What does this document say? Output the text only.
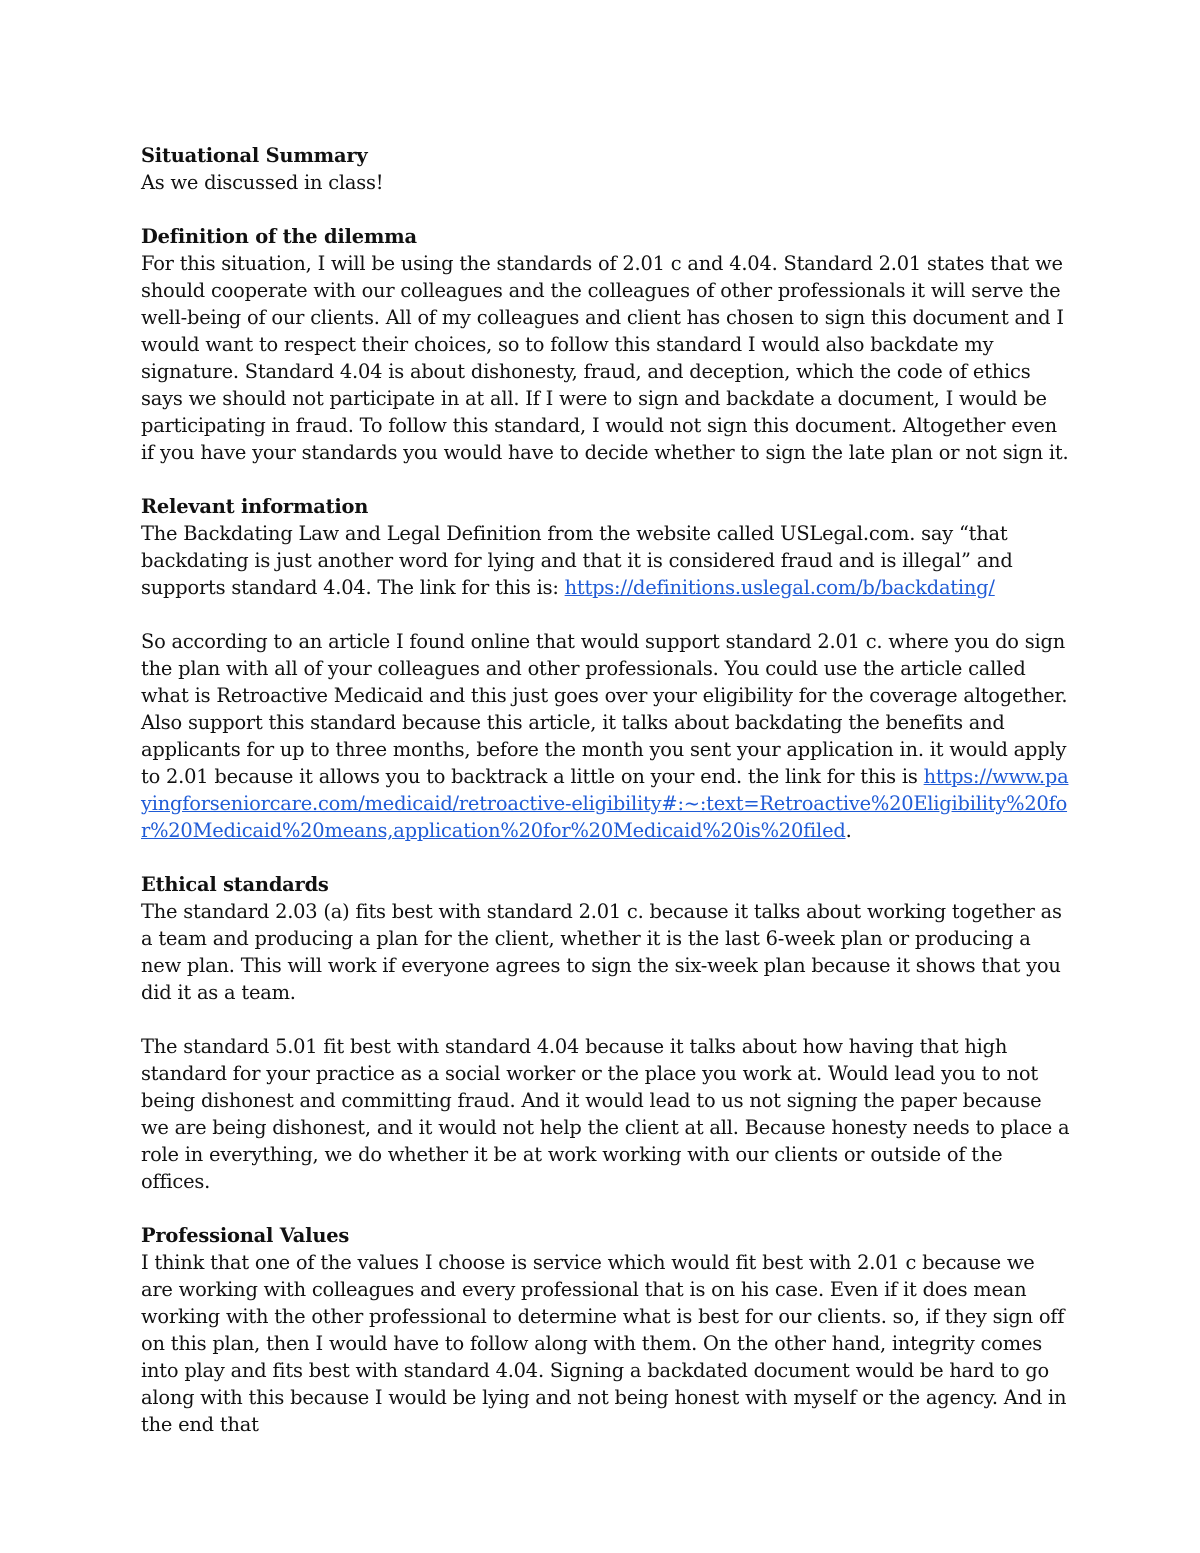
Situational Summary

As we discussed in class!

Definition of the dilemma

For this situation, I will be using the standards of 2.01 c and 4.04. Standard 2.01 states that we should cooperate with our colleagues and the colleagues of other professionals it will serve the well-being of our clients. All of my colleagues and client has chosen to sign this document and I would want to respect their choices, so to follow this standard I would also backdate my signature. Standard 4.04 is about dishonesty, fraud, and deception, which the code of ethics says we should not participate in at all. If I were to sign and backdate a document, I would be participating in fraud. To follow this standard, I would not sign this document. Altogether even if you have your standards you would have to decide whether to sign the late plan or not sign it.

Relevant information

The Backdating Law and Legal Definition from the website called USLegal.com. say “that backdating is just another word for lying and that it is considered fraud and is illegal” and supports standard 4.04. The link for this is: https://definitions.uslegal.com/b/backdating/

So according to an article I found online that would support standard 2.01 c. where you do sign the plan with all of your colleagues and other professionals. You could use the article called what is Retroactive Medicaid and this just goes over your eligibility for the coverage altogether. Also support this standard because this article, it talks about backdating the benefits and applicants for up to three months, before the month you sent your application in. it would apply to 2.01 because it allows you to backtrack a little on your end. the link for this is https://www.payingforseniorcare.com/medicaid/retroactive-eligibility#:~:text=Retroactive%20Eligibility%20for%20Medicaid%20means,application%20for%20Medicaid%20is%20filed.

Ethical standards

The standard 2.03 (a) fits best with standard 2.01 c. because it talks about working together as a team and producing a plan for the client, whether it is the last 6-week plan or producing a new plan. This will work if everyone agrees to sign the six-week plan because it shows that you did it as a team.

The standard 5.01 fit best with standard 4.04 because it talks about how having that high standard for your practice as a social worker or the place you work at. Would lead you to not being dishonest and committing fraud. And it would lead to us not signing the paper because we are being dishonest, and it would not help the client at all. Because honesty needs to place a role in everything, we do whether it be at work working with our clients or outside of the offices.

Professional Values

I think that one of the values I choose is service which would fit best with 2.01 c because we are working with colleagues and every professional that is on his case. Even if it does mean working with the other professional to determine what is best for our clients. so, if they sign off on this plan, then I would have to follow along with them. On the other hand, integrity comes into play and fits best with standard 4.04. Signing a backdated document would be hard to go along with this because I would be lying and not being honest with myself or the agency. And in the end that
